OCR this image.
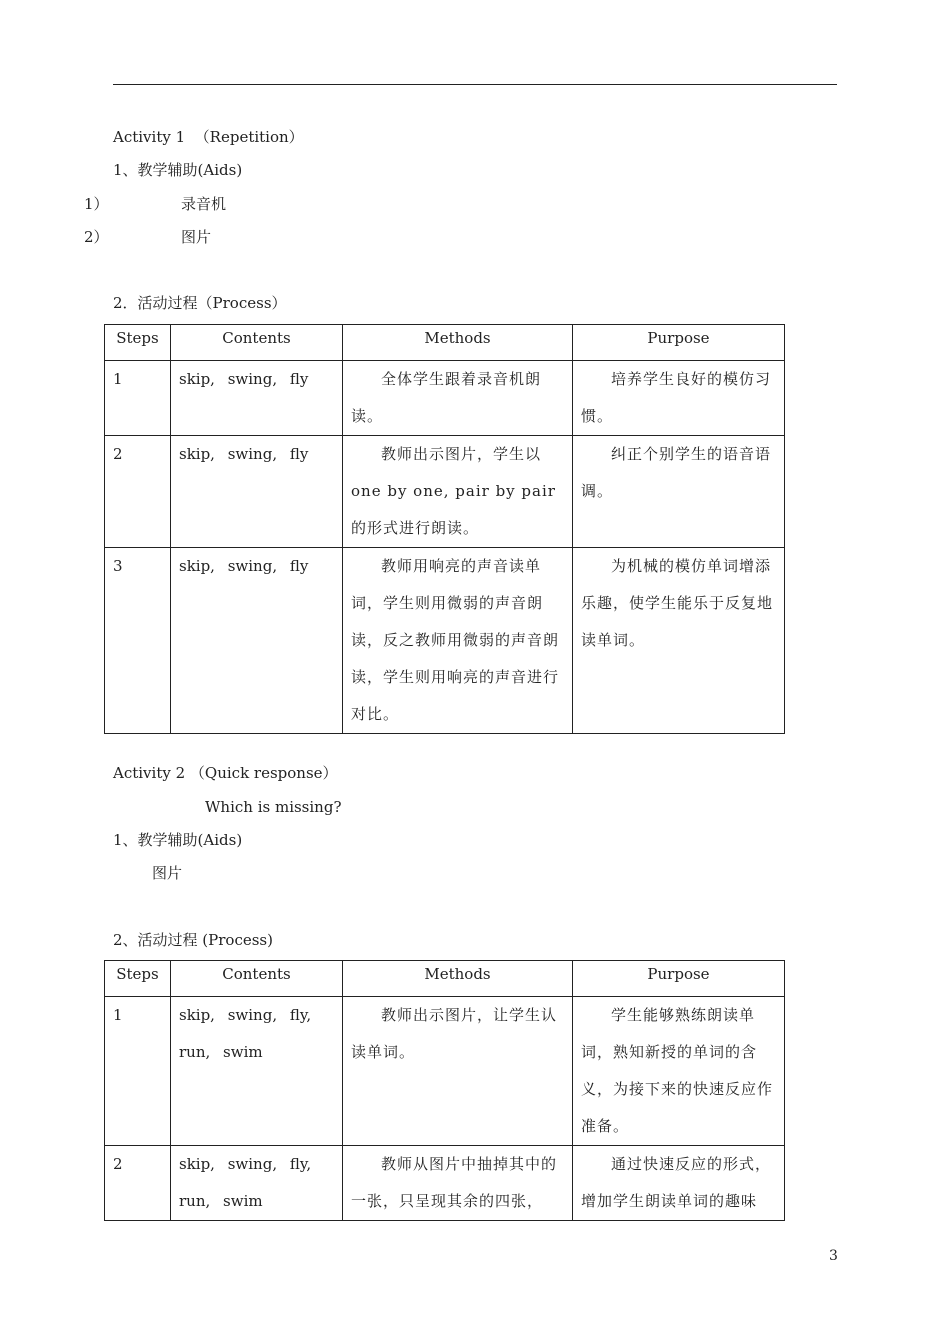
Activity 1  （Repetition）
1、教学辅助(Aids)
1）	录音机
2）	图片
2．活动过程（Process）
Steps	Contents	Methods	Purpose
1	skip, swing, fly	全体学生跟着录音机朗读。	培养学生良好的模仿习惯。
2	skip, swing, fly	教师出示图片，学生以one by one, pair by pair的形式进行朗读。	纠正个别学生的语音语调。
3	skip, swing, fly	教师用响亮的声音读单词，学生则用微弱的声音朗读，反之教师用微弱的声音朗读，学生则用响亮的声音进行对比。	为机械的模仿单词增添乐趣，使学生能乐于反复地读单词。
Activity 2 （Quick response）
Which is missing?
1、教学辅助(Aids)
图片
2、活动过程 (Process)
Steps	Contents	Methods	Purpose
1	skip, swing, fly, run, swim	教师出示图片，让学生认读单词。	学生能够熟练朗读单词，熟知新授的单词的含义，为接下来的快速反应作准备。
2	skip, swing, fly, run, swim	教师从图片中抽掉其中的一张，只呈现其余的四张，	通过快速反应的形式，增加学生朗读单词的趣味
3
